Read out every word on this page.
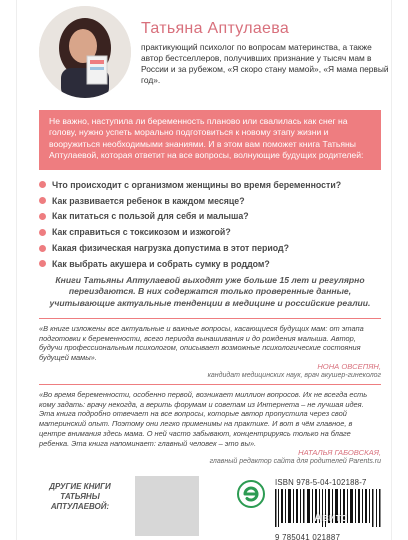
Татьяна Аптулаева
практикующий психолог по вопросам материнства, а также автор бестселлеров, получивших признание у тысяч мам в России и за рубежом, «Я скоро стану мамой», «Я мама первый год».
Не важно, наступила ли беременность планово или свалилась как снег на голову, нужно успеть морально подготовиться к новому этапу жизни и вооружиться необходимыми знаниями. И в этом вам поможет книга Татьяны Аптулаевой, которая ответит на все вопросы, волнующие будущих родителей:
Что происходит с организмом женщины во время беременности?
Как развивается ребенок в каждом месяце?
Как питаться с пользой для себя и малыша?
Как справиться с токсикозом и изжогой?
Какая физическая нагрузка допустима в этот период?
Как выбрать акушера и собрать сумку в роддом?
Книги Татьяны Аптулаевой выходят уже больше 15 лет и регулярно переиздаются. В них содержатся только проверенные данные, учитывающие актуальные тенденции в медицине и российские реалии.
«В книге изложены все актуальные и важные вопросы, касающиеся будущих мам: от этапа подготовки к беременности, всего периода вынашивания и до рождения малыша. Автор, будучи профессиональным психологом, описывает возможные психологические состояния будущей мамы».
НОНА ОВСЕПЯН,
кандидат медицинских наук, врач акушер-гинеколог
«Во время беременности, особенно первой, возникает миллион вопросов. Их не всегда есть кому задать: врачу некогда, а верить форумам и советам из Интернета – не лучшая идея. Эта книга подробно отвечает на все вопросы, которые автор пропустила через свой материнский опыт. Поэтому они легко применимы на практике. И вот в чём главное, в центре внимания здесь мама. О ней часто забывают, концентрируясь только на благе ребенка. Эта книга напоминает: главный человек – это вы».
НАТАЛЬЯ ГАБОВСКАЯ,
главный редактор сайта для родителей Parents.ru
ДРУГИЕ КНИГИ ТАТЬЯНЫ АПТУЛАЕВОЙ:
ISBN 978-5-04-102188-7
9 785041 021887
Авито
